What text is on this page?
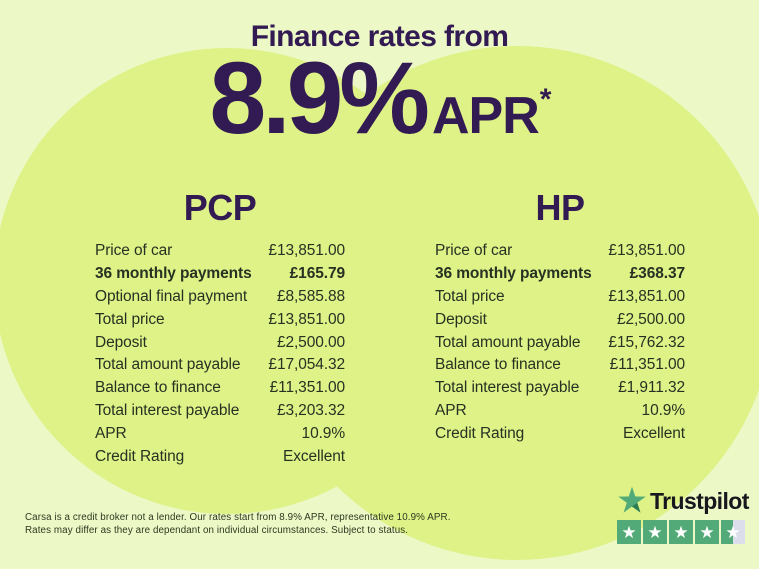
Finance rates from
8.9% APR*
PCP
Price of car	£13,851.00
36 monthly payments £165.79
Optional final payment £8,585.88
Total price	£13,851.00
Deposit	£2,500.00
Total amount payable £17,054.32
Balance to finance	£11,351.00
Total interest payable £3,203.32
APR	10.9%
Credit Rating	Excellent
HP
Price of car	£13,851.00
36 monthly payments £368.37
Total price	£13,851.00
Deposit	£2,500.00
Total amount payable £15,762.32
Balance to finance	£11,351.00
Total interest payable	£1,911.32
APR	10.9%
Credit Rating	Excellent
Carsa is a credit broker not a lender. Our rates start from 8.9% APR, representative 10.9% APR.
Rates may differ as they are dependant on individual circumstances. Subject to status.
Trustpilot
★ ★ ★ ★ ★
